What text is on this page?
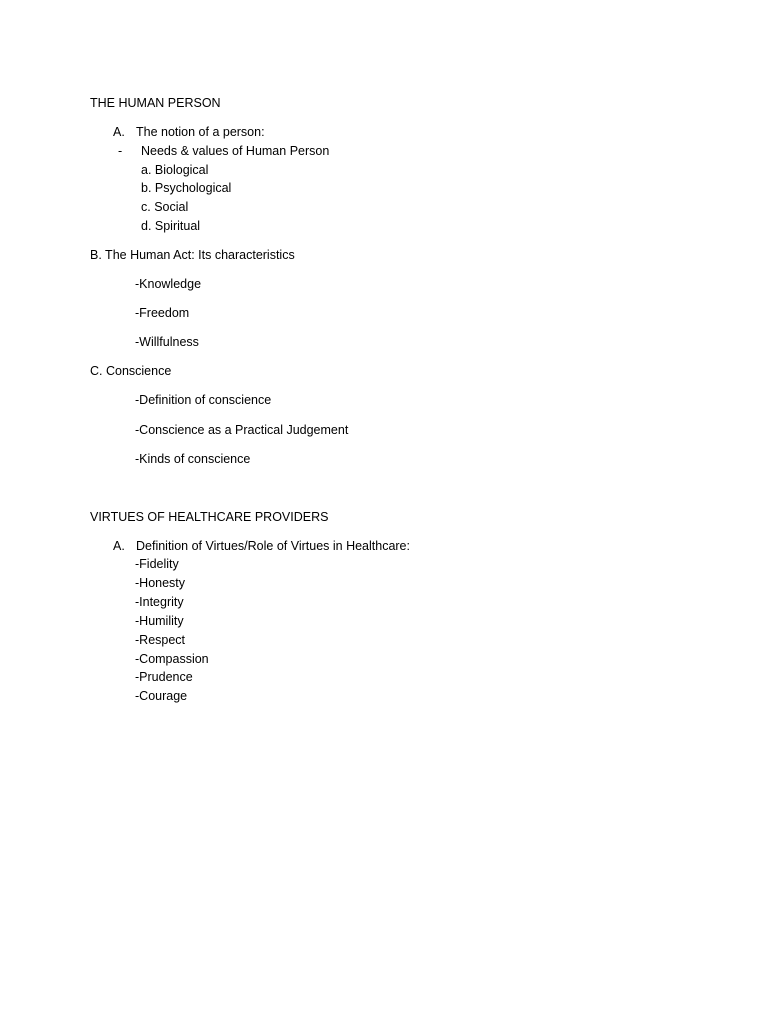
THE HUMAN PERSON
A. The notion of a person:
- Needs & values of Human Person
a. Biological
b. Psychological
c. Social
d. Spiritual
B. The Human Act: Its characteristics
-Knowledge
-Freedom
-Willfulness
C. Conscience
-Definition of conscience
-Conscience as a Practical Judgement
-Kinds of conscience
VIRTUES OF HEALTHCARE PROVIDERS
A. Definition of Virtues/Role of Virtues in Healthcare:
-Fidelity
-Honesty
-Integrity
-Humility
-Respect
-Compassion
-Prudence
-Courage
